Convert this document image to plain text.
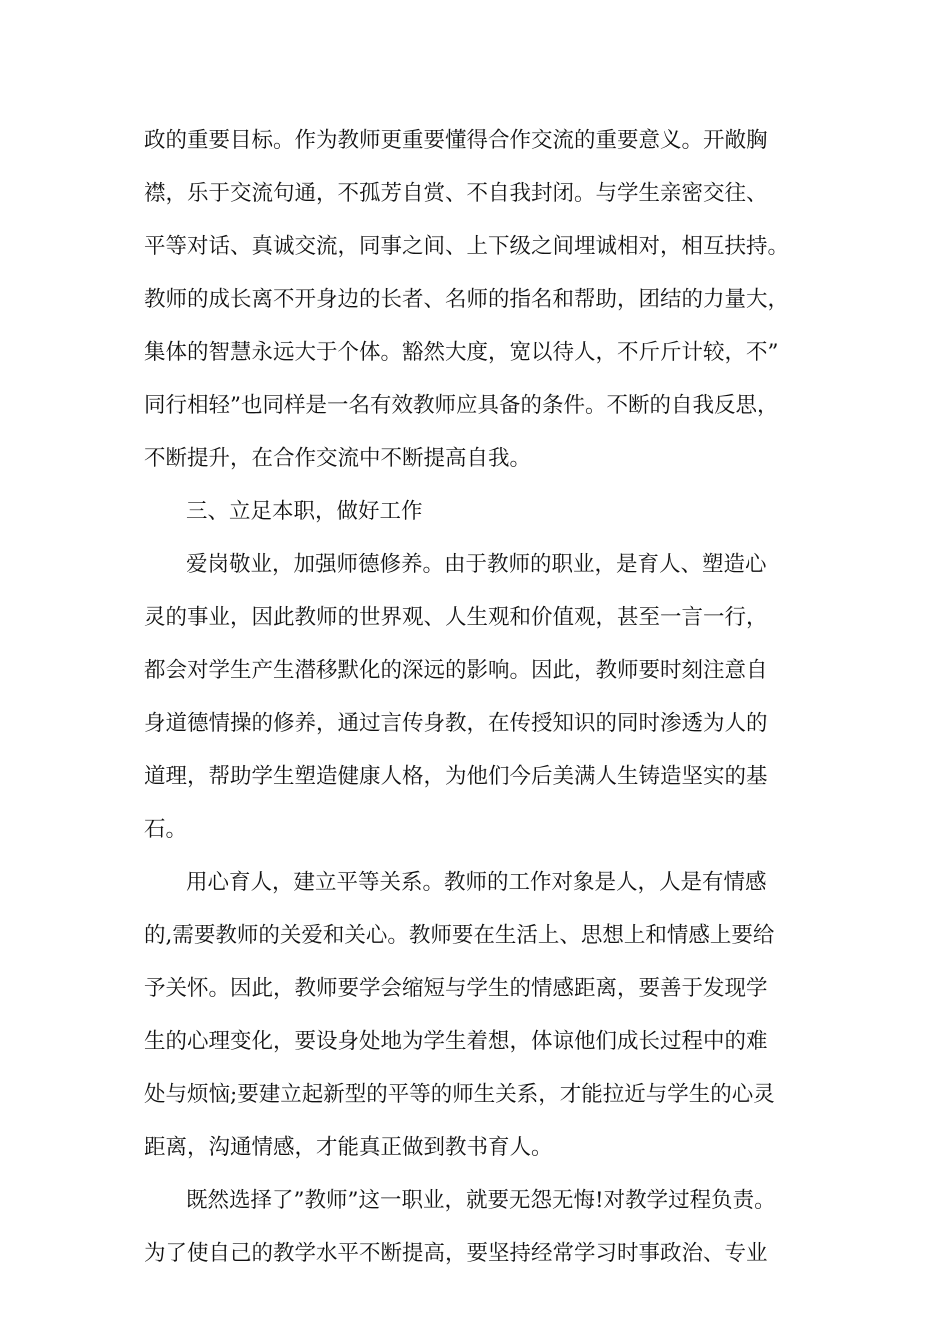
政的重要目标。作为教师更重要懂得合作交流的重要意义。开敞胸

襟，乐于交流句通，不孤芳自赏、不自我封闭。与学生亲密交往、

平等对话、真诚交流，同事之间、上下级之间埋诚相对，相互扶持。

教师的成长离不开身边的长者、名师的指名和帮助，团结的力量大，

集体的智慧永远大于个体。豁然大度，宽以待人，不斤斤计较，不”

同行相轻”也同样是一名有效教师应具备的条件。不断的自我反思，

不断提升，在合作交流中不断提高自我。

三、立足本职，做好工作

爱岗敬业，加强师德修养。由于教师的职业，是育人、塑造心

灵的事业，因此教师的世界观、人生观和价值观，甚至一言一行，

都会对学生产生潜移默化的深远的影响。因此，教师要时刻注意自

身道德情操的修养，通过言传身教，在传授知识的同时渗透为人的

道理，帮助学生塑造健康人格，为他们今后美满人生铸造坚实的基

石。

用心育人，建立平等关系。教师的工作对象是人，人是有情感

的,需要教师的关爱和关心。教师要在生活上、思想上和情感上要给

予关怀。因此，教师要学会缩短与学生的情感距离，要善于发现学

生的心理变化，要设身处地为学生着想，体谅他们成长过程中的难

处与烦恼;要建立起新型的平等的师生关系，才能拉近与学生的心灵

距离，沟通情感，才能真正做到教书育人。

既然选择了”教师”这一职业，就要无怨无悔!对教学过程负责。

为了使自己的教学水平不断提高，要坚持经常学习时事政治、专业
